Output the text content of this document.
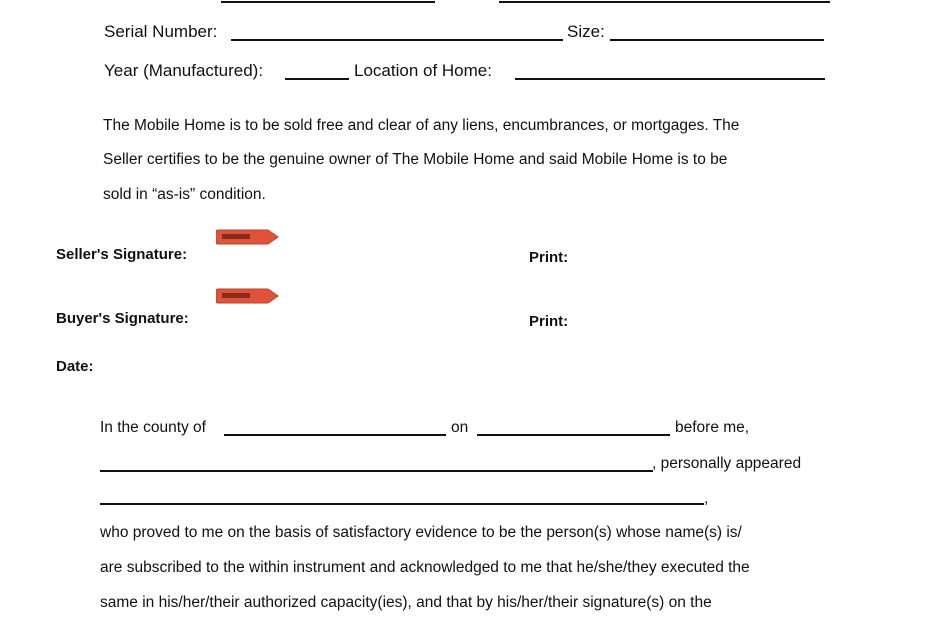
Serial Number:	Size:
Year (Manufactured):	Location of Home:
The Mobile Home is to be sold free and clear of any liens, encumbrances, or mortgages. The
Seller certifies to be the genuine owner of The Mobile Home and said Mobile Home is to be
sold in “as-is” condition.
Seller's Signature:	Print:
Buyer's Signature:	Print:
Date:
In the county of	on	before me,
, personally appeared
,
who proved to me on the basis of satisfactory evidence to be the person(s) whose name(s) is/
are subscribed to the within instrument and acknowledged to me that he/she/they executed the
same in his/her/their authorized capacity(ies), and that by his/her/their signature(s) on the
